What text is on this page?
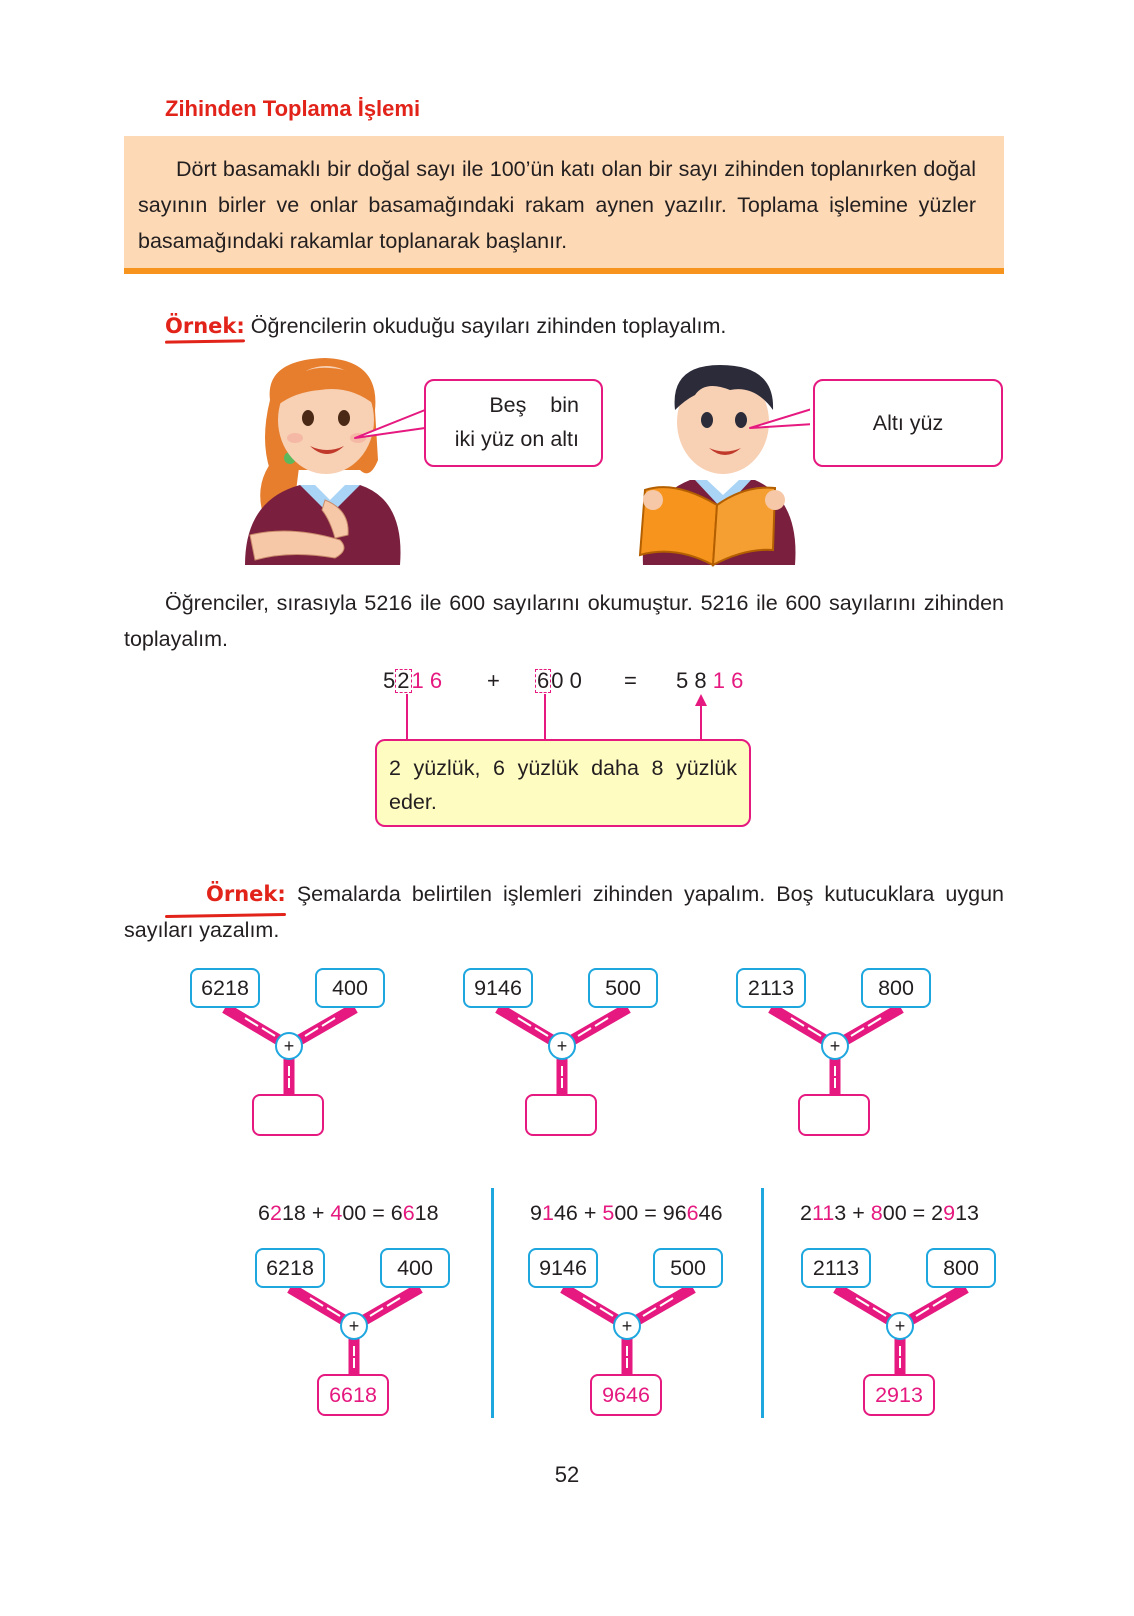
Zihinden Toplama İşlemi

Dört basamaklı bir doğal sayı ile 100’ün katı olan bir sayı zihinden toplanırken doğal sayının birler ve onlar basamağındaki rakam aynen yazılır. Toplama işlemine yüzler basamağındaki rakamlar toplanarak başlanır.

Örnek: Öğrencilerin okuduğu sayıları zihinden toplayalım.
Beş bin
iki yüz on altı
Altı yüz
Öğrenciler, sırasıyla 5216 ile 600 sayılarını okumuştur. 5216 ile 600 sayılarını zihinden toplayalım.
521 6 + 60 0 = 5 8 1 6
2 yüzlük, 6 yüzlük daha 8 yüzlük eder.
Örnek: Şemalarda belirtilen işlemleri zihinden yapalım. Boş kutucuklara uygun sayıları yazalım.
6218	400
+
9146	500
+
2113	800
+
6218 + 400 = 6618	9146 + 500 = 96646	2113 + 800 = 2913
6218	400
+
6618
9146	500
+
9646
2113	800
+
2913
52
